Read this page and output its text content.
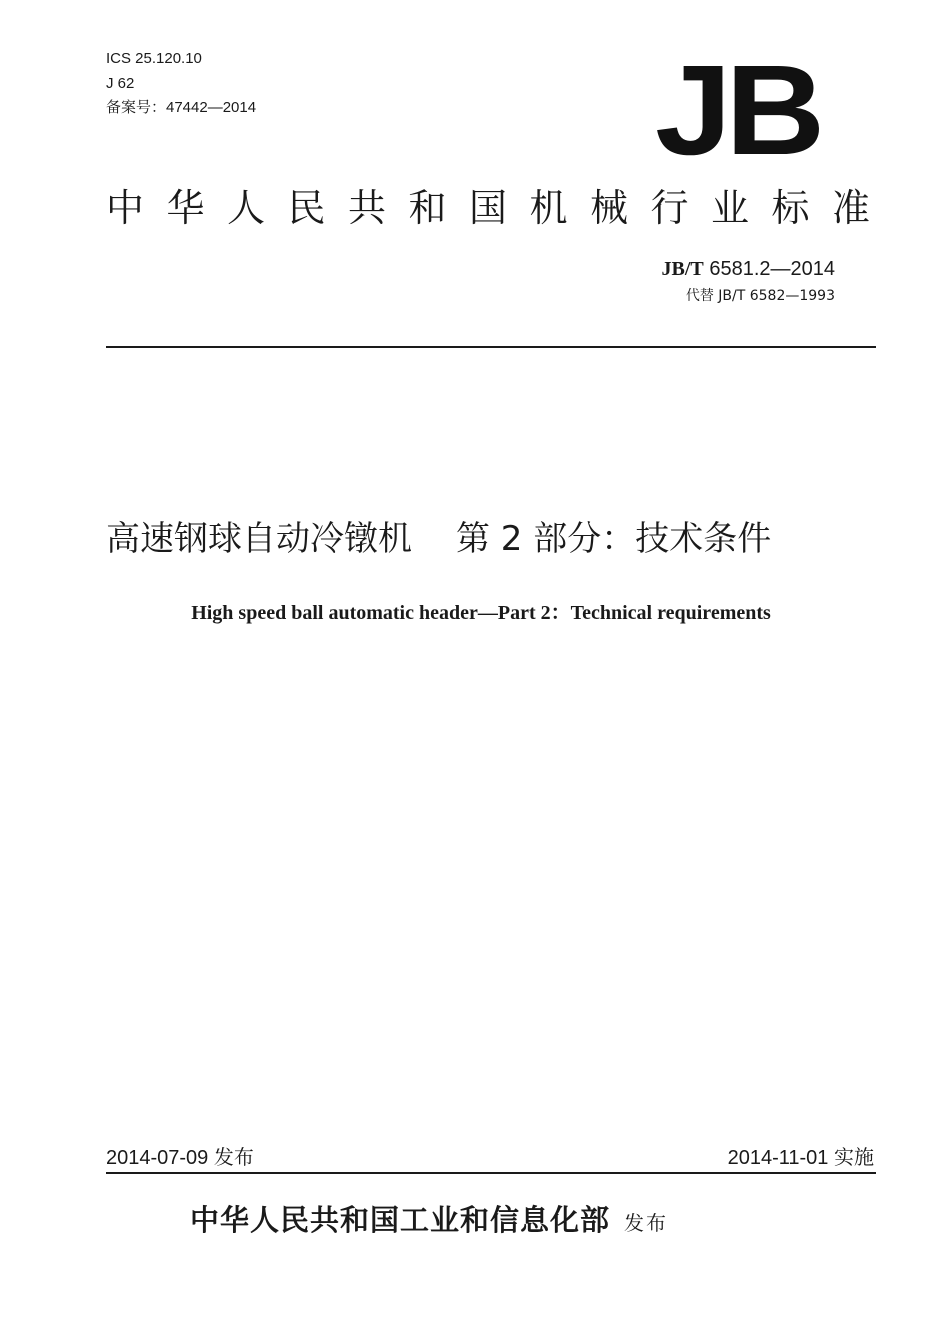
ICS 25.120.10
J 62
备案号：47442—2014	JB
中华人民共和国机械行业标准
JB/T 6581.2—2014
代替 JB/T 6582—1993
高速钢球自动冷镦机 第 2 部分：技术条件
High speed ball automatic header—Part 2：Technical requirements
2014-07-09 发布	2014-11-01 实施
中华人民共和国工业和信息化部 发布
